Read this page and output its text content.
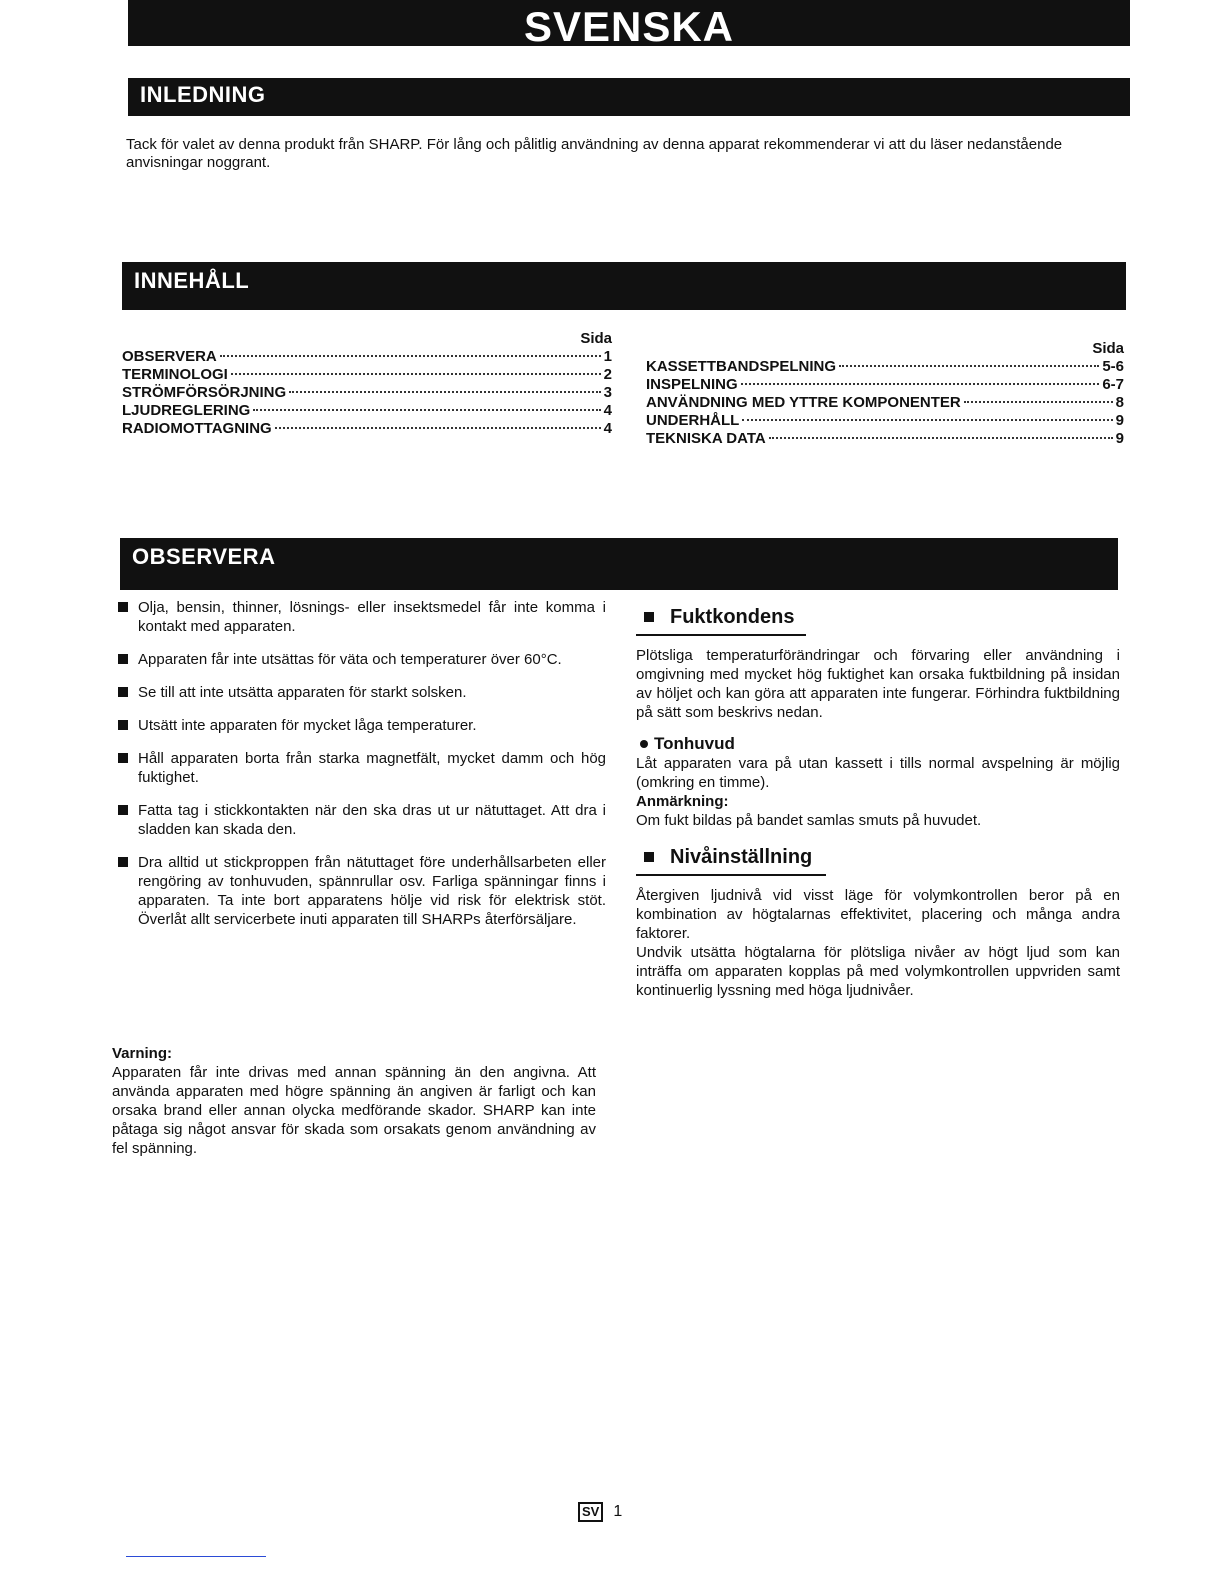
SVENSKA
INLEDNING

Tack för valet av denna produkt från SHARP. För lång och pålitlig användning av denna apparat rekommenderar vi att du läser nedanstående anvisningar noggrant.

INNEHÅLL
Sida
OBSERVERA	1
TERMINOLOGI	2
STRÖMFÖRSÖRJNING	3
LJUDREGLERING	4
RADIOMOTTAGNING	4
Sida
KASSETTBANDSPELNING	5-6
INSPELNING	6-7
ANVÄNDNING MED YTTRE KOMPONENTER	8
UNDERHÅLL	9
TEKNISKA DATA	9
OBSERVERA
Olja, bensin, thinner, lösnings- eller insektsmedel får inte komma i kontakt med apparaten.
Apparaten får inte utsättas för väta och temperaturer över 60°C.
Se till att inte utsätta apparaten för starkt solsken.
Utsätt inte apparaten för mycket låga temperaturer.
Håll apparaten borta från starka magnetfält, mycket damm och hög fuktighet.
Fatta tag i stickkontakten när den ska dras ut ur nätuttaget. Att dra i sladden kan skada den.
Dra alltid ut stickproppen från nätuttaget före underhållsarbeten eller rengöring av tonhuvuden, spännrullar osv. Farliga spänningar finns i apparaten. Ta inte bort apparatens hölje vid risk för elektrisk stöt. Överlåt allt servicerbete inuti apparaten till SHARPs återförsäljare.
Varning:

Apparaten får inte drivas med annan spänning än den angivna. Att använda apparaten med högre spänning än angiven är farligt och kan orsaka brand eller annan olycka medförande skador. SHARP kan inte påtaga sig något ansvar för skada som orsakats genom användning av fel spänning.

Fuktkondens

Plötsliga temperaturförändringar och förvaring eller användning i omgivning med mycket hög fuktighet kan orsaka fuktbildning på insidan av höljet och kan göra att apparaten inte fungerar. Förhindra fuktbildning på sätt som beskrivs nedan.

Tonhuvud

Låt apparaten vara på utan kassett i tills normal avspelning är möjlig (omkring en timme).

Anmärkning:

Om fukt bildas på bandet samlas smuts på huvudet.

Nivåinställning

Återgiven ljudnivå vid visst läge för volymkontrollen beror på en kombination av högtalarnas effektivitet, placering och många andra faktorer.

Undvik utsätta högtalarna för plötsliga nivåer av högt ljud som kan inträffa om apparaten kopplas på med volymkontrollen uppvriden samt kontinuerlig lyssning med höga ljudnivåer.

SV 1
